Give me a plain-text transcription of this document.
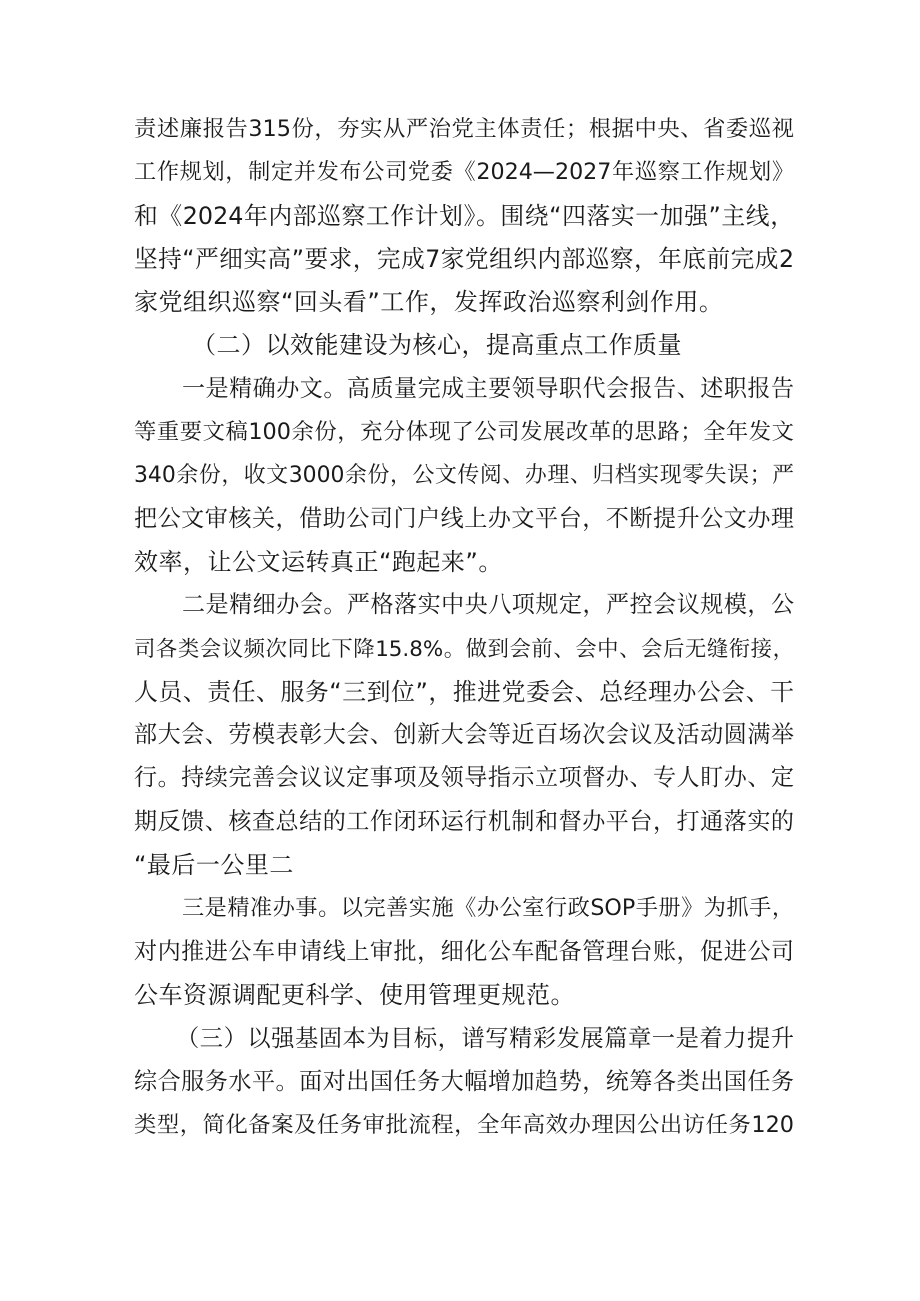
责述廉报告315份，夯实从严治党主体责任；根据中央、省委巡视
工作规划，制定并发布公司党委《2024—2027年巡察工作规划》
和《2024年内部巡察工作计划》。围绕“四落实一加强”主线，
坚持“严细实高”要求，完成7家党组织内部巡察，年底前完成2
家党组织巡察“回头看”工作，发挥政治巡察利剑作用。
（二）以效能建设为核心，提高重点工作质量
一是精确办文。高质量完成主要领导职代会报告、述职报告
等重要文稿100余份，充分体现了公司发展改革的思路；全年发文
340余份，收文3000余份，公文传阅、办理、归档实现零失误；严
把公文审核关，借助公司门户线上办文平台，不断提升公文办理
效率，让公文运转真正“跑起来”。
二是精细办会。严格落实中央八项规定，严控会议规模，公
司各类会议频次同比下降15.8%。做到会前、会中、会后无缝衔接，
人员、责任、服务“三到位”，推进党委会、总经理办公会、干
部大会、劳模表彰大会、创新大会等近百场次会议及活动圆满举
行。持续完善会议议定事项及领导指示立项督办、专人盯办、定
期反馈、核查总结的工作闭环运行机制和督办平台，打通落实的
“最后一公里二
三是精准办事。以完善实施《办公室行政SOP手册》为抓手，
对内推进公车申请线上审批，细化公车配备管理台账，促进公司
公车资源调配更科学、使用管理更规范。
（三）以强基固本为目标，谱写精彩发展篇章一是着力提升
综合服务水平。面对出国任务大幅增加趋势，统筹各类出国任务
类型，简化备案及任务审批流程，全年高效办理因公出访任务120
